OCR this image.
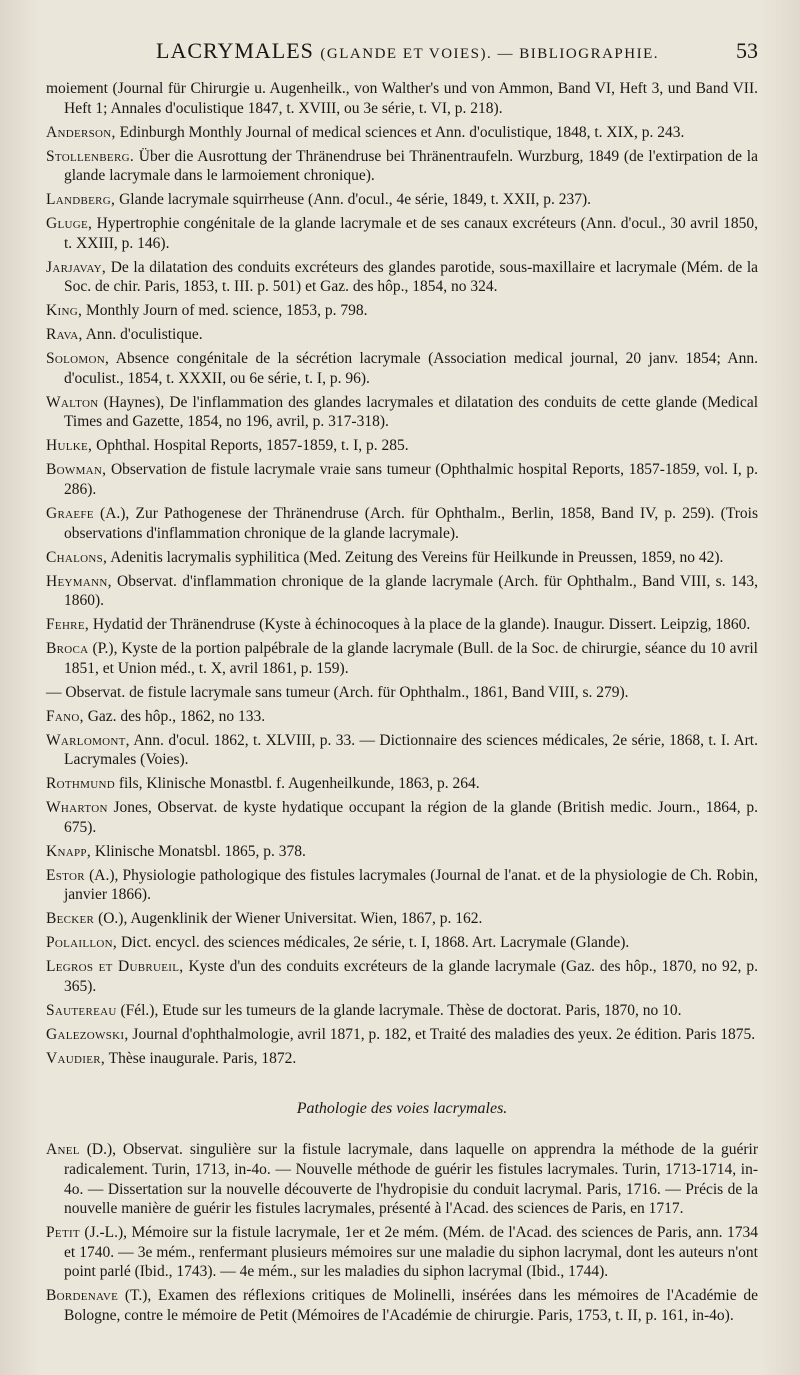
LACRYMALES (GLANDE ET VOIES). — BIBLIOGRAPHIE.	53
moiement (Journal für Chirurgie u. Augenheilk., von Walther's und von Ammon, Band VI, Heft 3, und Band VII. Heft 1; Annales d'oculistique 1847, t. XVIII, ou 3e série, t. VI, p. 218).
Anderson, Edinburgh Monthly Journal of medical sciences et Ann. d'oculistique, 1848, t. XIX, p. 243.
Stollenberg. Über die Ausrottung der Thränendruse bei Thränentraufeln. Wurzburg, 1849 (de l'extirpation de la glande lacrymale dans le larmoiement chronique).
Landberg, Glande lacrymale squirrheuse (Ann. d'ocul., 4e série, 1849, t. XXII, p. 237).
Gluge, Hypertrophie congénitale de la glande lacrymale et de ses canaux excréteurs (Ann. d'ocul., 30 avril 1850, t. XXIII, p. 146).
Jarjavay, De la dilatation des conduits excréteurs des glandes parotide, sous-maxillaire et lacrymale (Mém. de la Soc. de chir. Paris, 1853, t. III. p. 501) et Gaz. des hôp., 1854, no 324.
King, Monthly Journ of med. science, 1853, p. 798.
Rava, Ann. d'oculistique.
Solomon, Absence congénitale de la sécrétion lacrymale (Association medical journal, 20 janv. 1854; Ann. d'oculist., 1854, t. XXXII, ou 6e série, t. I, p. 96).
Walton (Haynes), De l'inflammation des glandes lacrymales et dilatation des conduits de cette glande (Medical Times and Gazette, 1854, no 196, avril, p. 317-318).
Hulke, Ophthal. Hospital Reports, 1857-1859, t. I, p. 285.
Bowman, Observation de fistule lacrymale vraie sans tumeur (Ophthalmic hospital Reports, 1857-1859, vol. I, p. 286).
Graefe (A.), Zur Pathogenese der Thränendruse (Arch. für Ophthalm., Berlin, 1858, Band IV, p. 259). (Trois observations d'inflammation chronique de la glande lacrymale).
Chalons, Adenitis lacrymalis syphilitica (Med. Zeitung des Vereins für Heilkunde in Preussen, 1859, no 42).
Heymann, Observat. d'inflammation chronique de la glande lacrymale (Arch. für Ophthalm., Band VIII, s. 143, 1860).
Fehre, Hydatid der Thränendruse (Kyste à échinocoques à la place de la glande). Inaugur. Dissert. Leipzig, 1860.
Broca (P.), Kyste de la portion palpébrale de la glande lacrymale (Bull. de la Soc. de chirurgie, séance du 10 avril 1851, et Union méd., t. X, avril 1861, p. 159).
— Observat. de fistule lacrymale sans tumeur (Arch. für Ophthalm., 1861, Band VIII, s. 279).
Fano, Gaz. des hôp., 1862, no 133.
Warlomont, Ann. d'ocul. 1862, t. XLVIII, p. 33. — Dictionnaire des sciences médicales, 2e série, 1868, t. I. Art. Lacrymales (Voies).
Rothmund fils, Klinische Monastbl. f. Augenheilkunde, 1863, p. 264.
Wharton Jones, Observat. de kyste hydatique occupant la région de la glande (British medic. Journ., 1864, p. 675).
Knapp, Klinische Monatsbl. 1865, p. 378.
Estor (A.), Physiologie pathologique des fistules lacrymales (Journal de l'anat. et de la physiologie de Ch. Robin, janvier 1866).
Becker (O.), Augenklinik der Wiener Universitat. Wien, 1867, p. 162.
Polaillon, Dict. encycl. des sciences médicales, 2e série, t. I, 1868. Art. Lacrymale (Glande).
Legros et Dubrueil, Kyste d'un des conduits excréteurs de la glande lacrymale (Gaz. des hôp., 1870, no 92, p. 365).
Sautereau (Fél.), Etude sur les tumeurs de la glande lacrymale. Thèse de doctorat. Paris, 1870, no 10.
Galezowski, Journal d'ophthalmologie, avril 1871, p. 182, et Traité des maladies des yeux. 2e édition. Paris 1875.
Vaudier, Thèse inaugurale. Paris, 1872.
Pathologie des voies lacrymales.
Anel (D.), Observat. singulière sur la fistule lacrymale, dans laquelle on apprendra la méthode de la guérir radicalement. Turin, 1713, in-4o. — Nouvelle méthode de guérir les fistules lacrymales. Turin, 1713-1714, in-4o. — Dissertation sur la nouvelle découverte de l'hydropisie du conduit lacrymal. Paris, 1716. — Précis de la nouvelle manière de guérir les fistules lacrymales, présenté à l'Acad. des sciences de Paris, en 1717.
Petit (J.-L.), Mémoire sur la fistule lacrymale, 1er et 2e mém. (Mém. de l'Acad. des sciences de Paris, ann. 1734 et 1740. — 3e mém., renfermant plusieurs mémoires sur une maladie du siphon lacrymal, dont les auteurs n'ont point parlé (Ibid., 1743). — 4e mém., sur les maladies du siphon lacrymal (Ibid., 1744).
Bordenave (T.), Examen des réflexions critiques de Molinelli, insérées dans les mémoires de l'Académie de Bologne, contre le mémoire de Petit (Mémoires de l'Académie de chirurgie. Paris, 1753, t. II, p. 161, in-4o).
